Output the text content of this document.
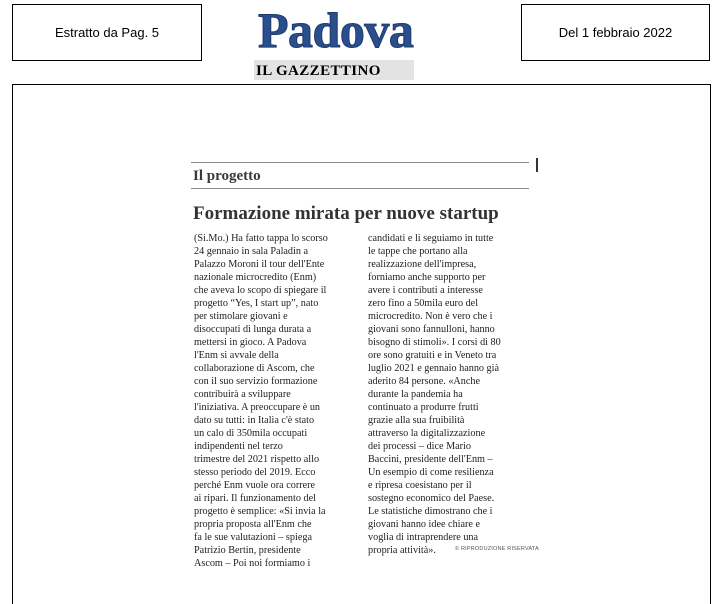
Estratto da Pag. 5 Padova
IL GAZZETTINO
Del 1 febbraio 2022
Il progetto
Formazione mirata per nuove startup
(Si.Mo.) Ha fatto tappa lo scorso
24 gennaio in sala Paladin a
Palazzo Moroni il tour dell'Ente
nazionale microcredito (Enm)
che aveva lo scopo di spiegare il
progetto “Yes, I start up”, nato
per stimolare giovani e
disoccupati di lunga durata a
mettersi in gioco. A Padova
l'Enm si avvale della
collaborazione di Ascom, che
con il suo servizio formazione
contribuirà a sviluppare
l'iniziativa. A preoccupare è un
dato su tutti: in Italia c'è stato
un calo di 350mila occupati
indipendenti nel terzo
trimestre del 2021 rispetto allo
stesso periodo del 2019. Ecco
perché Enm vuole ora correre
ai ripari. Il funzionamento del
progetto è semplice: «Si invia la
propria proposta all'Enm che
fa le sue valutazioni – spiega
Patrizio Bertin, presidente
Ascom – Poi noi formiamo i
candidati e li seguiamo in tutte
le tappe che portano alla
realizzazione dell'impresa,
forniamo anche supporto per
avere i contributi a interesse
zero fino a 50mila euro del
microcredito. Non è vero che i
giovani sono fannulloni, hanno
bisogno di stimoli». I corsi di 80
ore sono gratuiti e in Veneto tra
luglio 2021 e gennaio hanno già
aderito 84 persone. «Anche
durante la pandemia ha
continuato a produrre frutti
grazie alla sua fruibilità
attraverso la digitalizzazione
dei processi – dice Mario
Baccini, presidente dell'Enm –
Un esempio di come resilienza
e ripresa coesistano per il
sostegno economico del Paese.
Le statistiche dimostrano che i
giovani hanno idee chiare e
voglia di intraprendere una
propria attività».	© RIPRODUZIONE RISERVATA
